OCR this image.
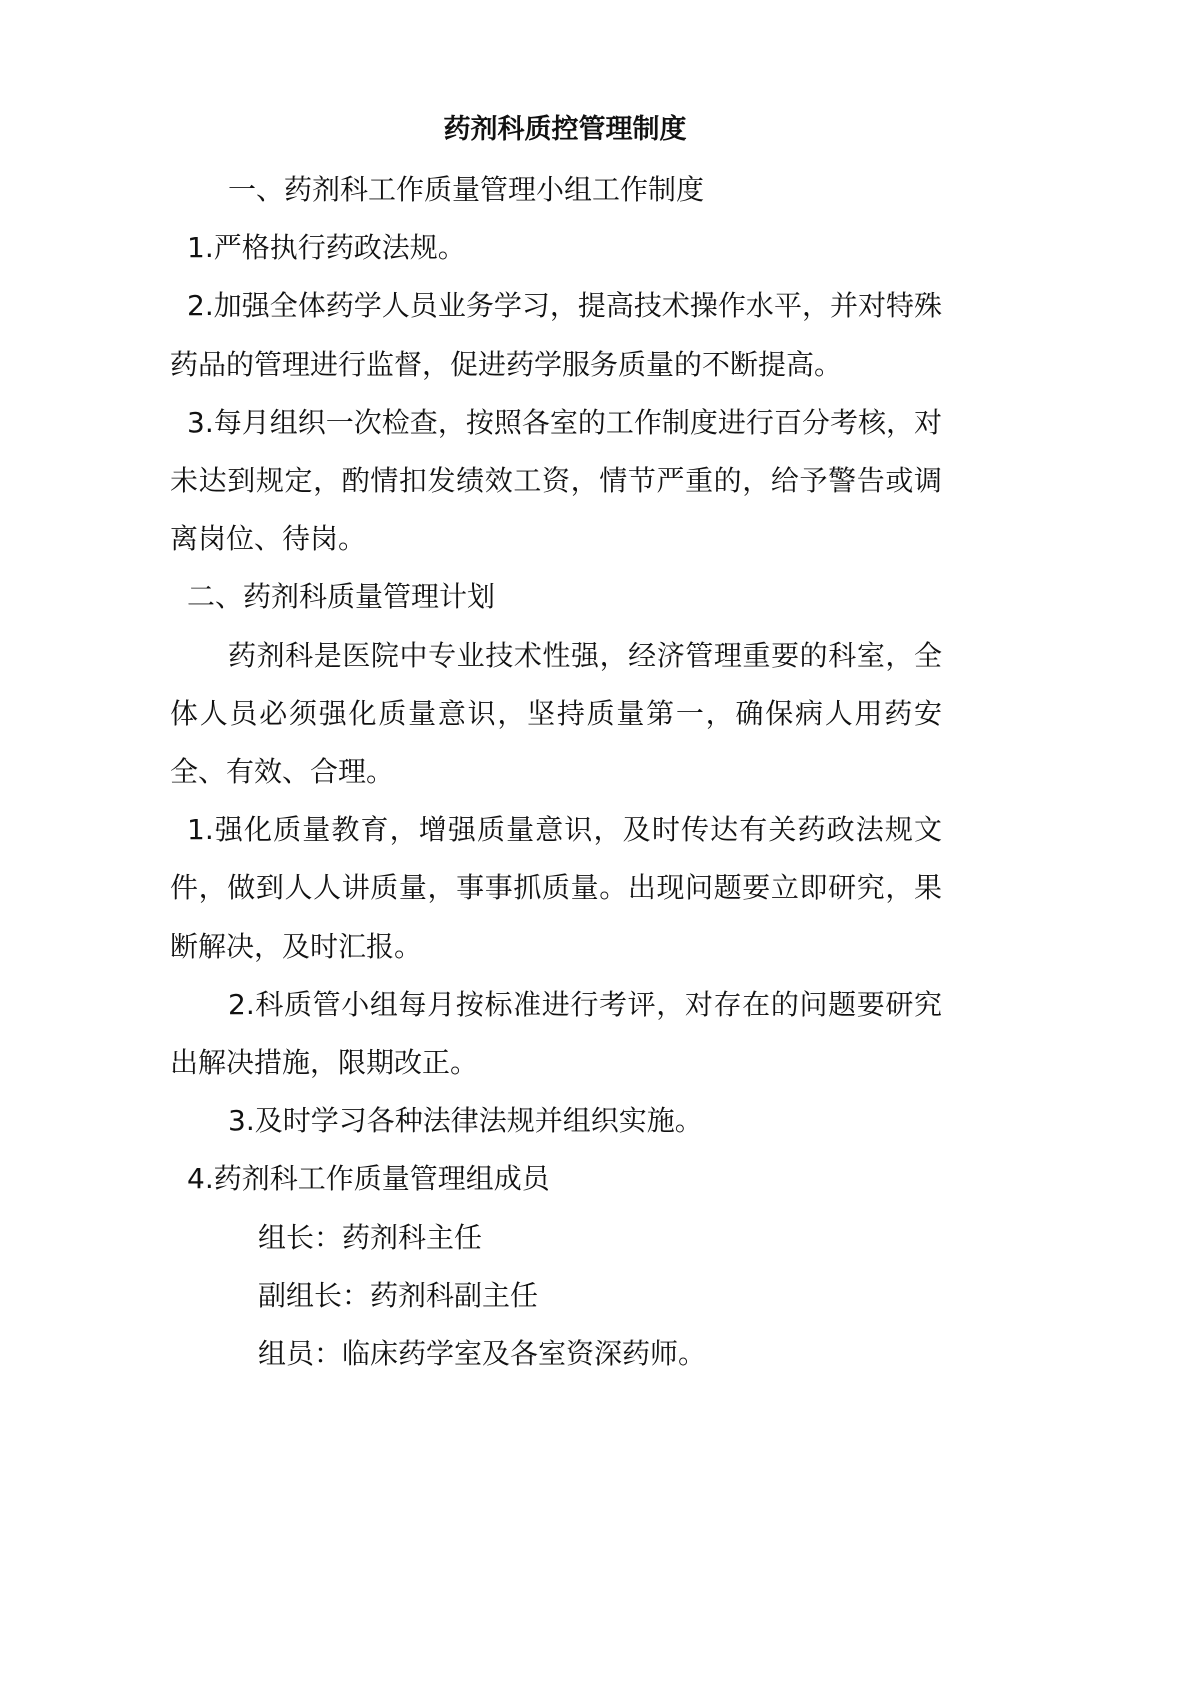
药剂科质控管理制度

一、药剂科工作质量管理小组工作制度

1.严格执行药政法规。

2.加强全体药学人员业务学习，提高技术操作水平，并对特殊药品的管理进行监督，促进药学服务质量的不断提高。

3.每月组织一次检查，按照各室的工作制度进行百分考核，对未达到规定，酌情扣发绩效工资，情节严重的，给予警告或调离岗位、待岗。

二、药剂科质量管理计划

药剂科是医院中专业技术性强，经济管理重要的科室，全体人员必须强化质量意识，坚持质量第一，确保病人用药安全、有效、合理。

1.强化质量教育，增强质量意识，及时传达有关药政法规文件，做到人人讲质量，事事抓质量。出现问题要立即研究，果断解决，及时汇报。

2.科质管小组每月按标准进行考评，对存在的问题要研究出解决措施，限期改正。

3.及时学习各种法律法规并组织实施。

4.药剂科工作质量管理组成员

组长：药剂科主任

副组长：药剂科副主任

组员：临床药学室及各室资深药师。
